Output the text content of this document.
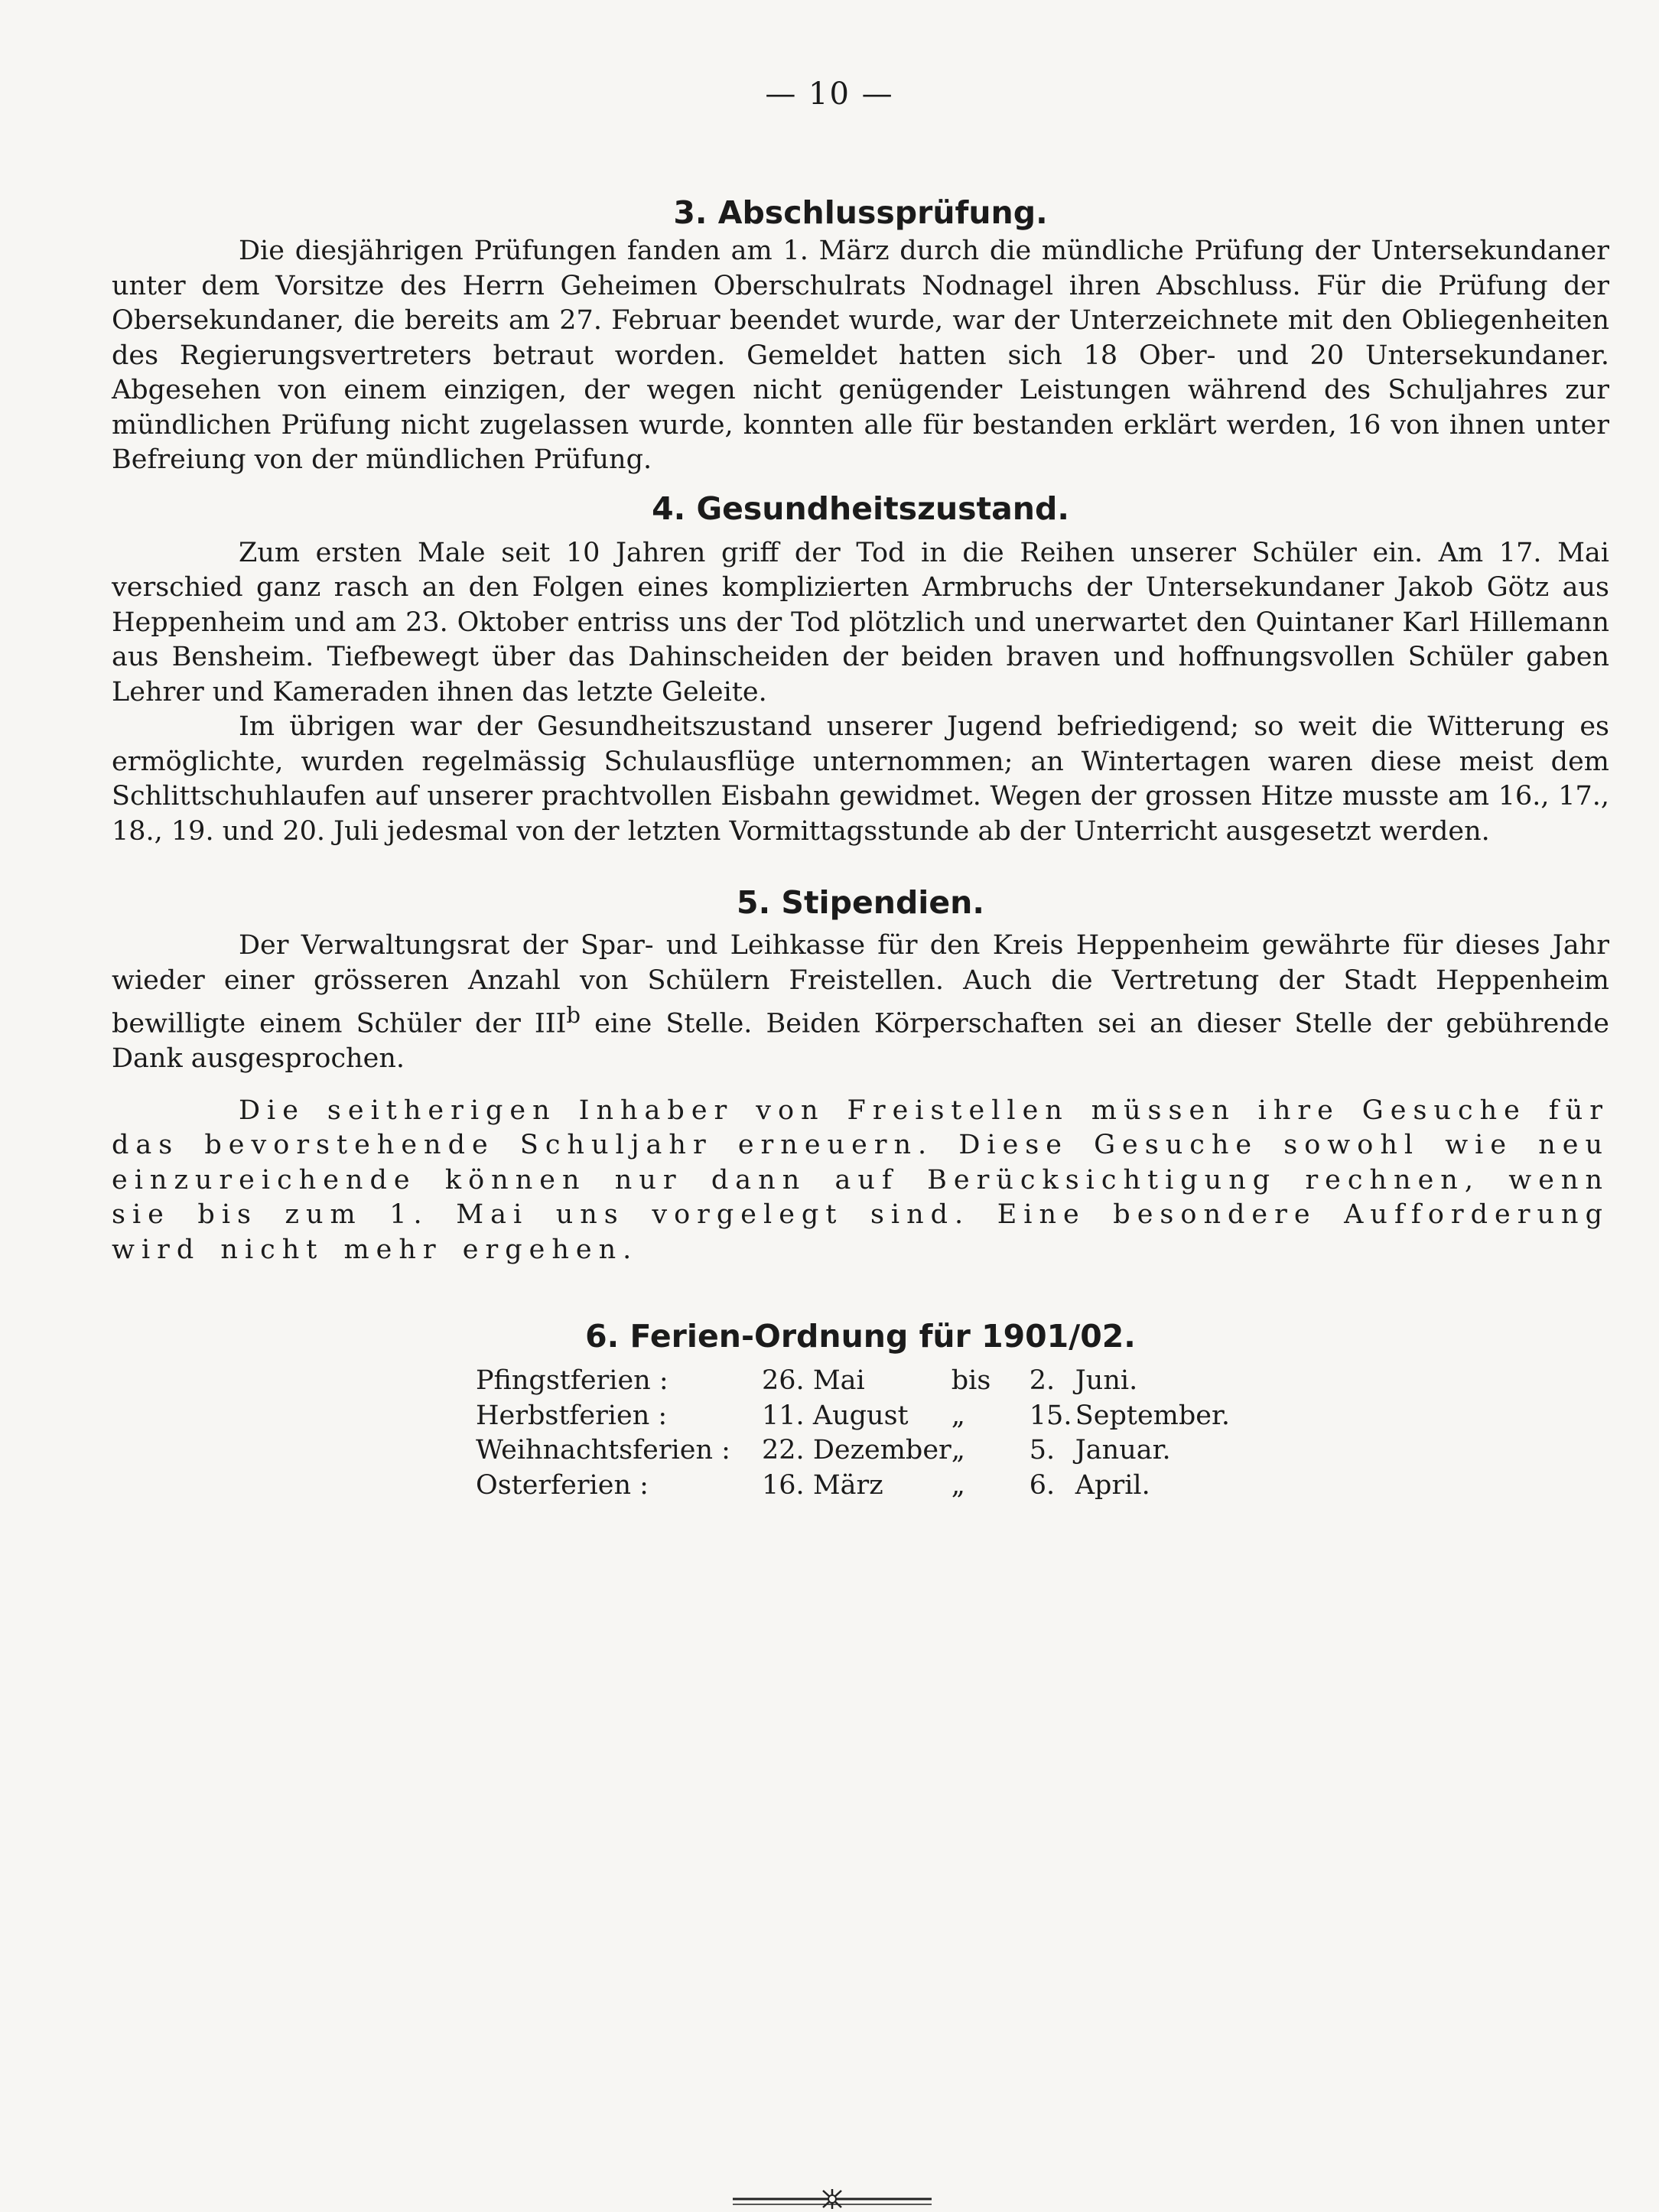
— 10 —
3. Abschlussprüfung.

Die diesjährigen Prüfungen fanden am 1. März durch die mündliche Prüfung der Untersekundaner unter dem Vorsitze des Herrn Geheimen Oberschulrats Nodnagel ihren Abschluss. Für die Prüfung der Obersekundaner, die bereits am 27. Februar beendet wurde, war der Unterzeichnete mit den Obliegenheiten des Regierungsvertreters betraut worden. Gemeldet hatten sich 18 Ober- und 20 Untersekundaner. Abgesehen von einem einzigen, der wegen nicht genügender Leistungen während des Schuljahres zur mündlichen Prüfung nicht zugelassen wurde, konnten alle für bestanden erklärt werden, 16 von ihnen unter Befreiung von der mündlichen Prüfung.

4. Gesundheitszustand.

Zum ersten Male seit 10 Jahren griff der Tod in die Reihen unserer Schüler ein. Am 17. Mai verschied ganz rasch an den Folgen eines komplizierten Armbruchs der Untersekundaner Jakob Götz aus Heppenheim und am 23. Oktober entriss uns der Tod plötzlich und unerwartet den Quintaner Karl Hillemann aus Bensheim. Tiefbewegt über das Dahinscheiden der beiden braven und hoffnungsvollen Schüler gaben Lehrer und Kameraden ihnen das letzte Geleite.

Im übrigen war der Gesundheitszustand unserer Jugend befriedigend; so weit die Witterung es ermöglichte, wurden regelmässig Schulausflüge unternommen; an Wintertagen waren diese meist dem Schlittschuhlaufen auf unserer prachtvollen Eisbahn gewidmet. Wegen der grossen Hitze musste am 16., 17., 18., 19. und 20. Juli jedesmal von der letzten Vormittagsstunde ab der Unterricht ausgesetzt werden.

5. Stipendien.

Der Verwaltungsrat der Spar- und Leihkasse für den Kreis Heppenheim gewährte für dieses Jahr wieder einer grösseren Anzahl von Schülern Freistellen. Auch die Vertretung der Stadt Heppenheim bewilligte einem Schüler der III$^b$ eine Stelle. Beiden Körperschaften sei an dieser Stelle der gebührende Dank ausgesprochen.

Die seitherigen Inhaber von Freistellen müssen ihre Gesuche für das bevorstehende Schuljahr erneuern. Diese Gesuche sowohl wie neu einzureichende können nur dann auf Berücksichtigung rechnen, wenn sie bis zum 1. Mai uns vorgelegt sind. Eine besondere Aufforderung wird nicht mehr ergehen.

6. Ferien-Ordnung für 1901/02.
Pfingstferien :	26. Mai	bis	2.	Juni.
Herbstferien :	11. August	„	15.	September.
Weihnachtsferien :	22. Dezember	„	5.	Januar.
Osterferien :	16. März	„	6.	April.
